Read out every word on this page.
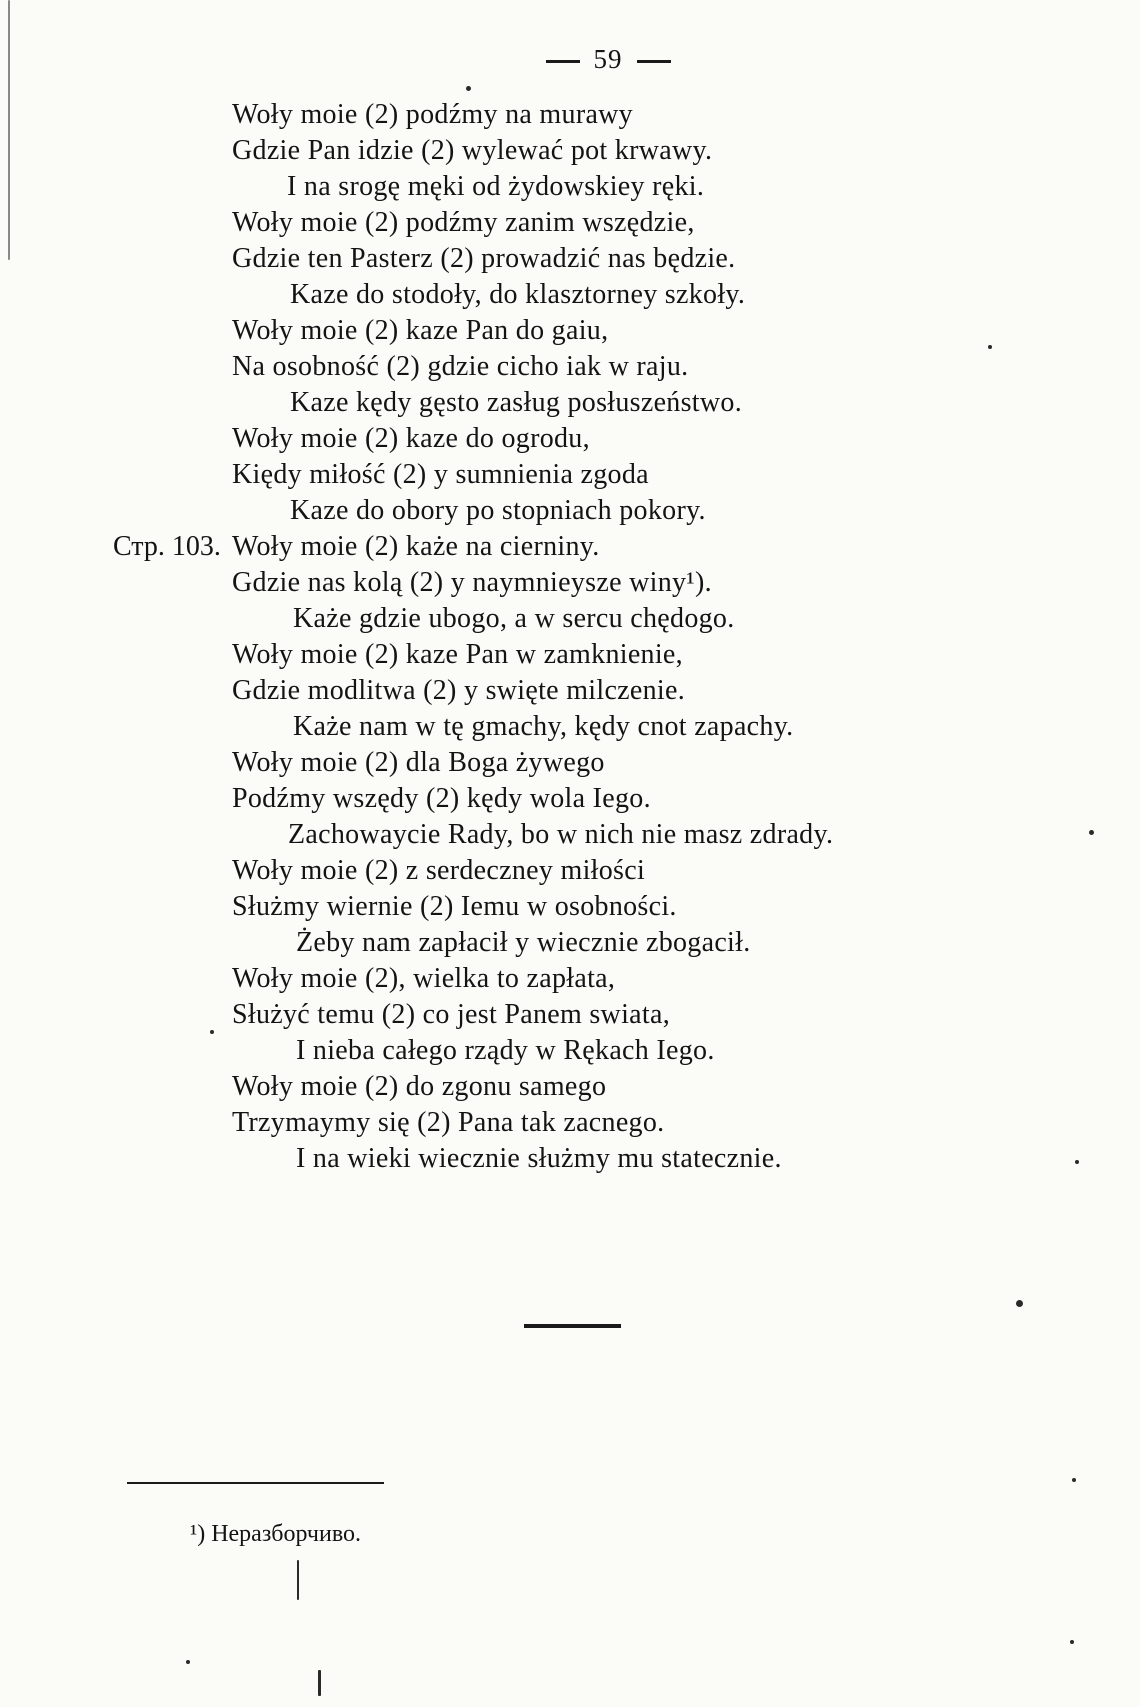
59
Woły moie (2) podźmy na murawy
Gdzie Pan idzie (2) wylewać pot krwawy.
I na srogę męki od żydowskiey ręki.
Woły moie (2) podźmy zanim wszędzie,
Gdzie ten Pasterz (2) prowadzić nas będzie.
Kaze do stodoły, do klasztorney szkoły.
Woły moie (2) kaze Pan do gaiu,
Na osobność (2) gdzie cicho iak w raju.
Kaze kędy gęsto zasług posłuszeństwo.
Woły moie (2) kaze do ogrodu,
Kiędy miłość (2) y sumnienia zgoda
Kaze do obory po stopniach pokory.
Woły moie (2) każe na cierniny.
Gdzie nas kolą (2) y naymnieysze winy¹).
Każe gdzie ubogo, a w sercu chędogo.
Woły moie (2) kaze Pan w zamknienie,
Gdzie modlitwa (2) y swięte milczenie.
Każe nam w tę gmachy, kędy cnot zapachy.
Woły moie (2) dla Boga żywego
Podźmy wszędy (2) kędy wola Iego.
Zachowaycie Rady, bo w nich nie masz zdrady.
Woły moie (2) z serdeczney miłości
Służmy wiernie (2) Iemu w osobności.
Żeby nam zapłacił y wiecznie zbogacił.
Woły moie (2), wielka to zapłata,
Służyć temu (2) co jest Panem swiata,
I nieba całego rządy w Rękach Iego.
Woły moie (2) do zgonu samego
Trzymaymy się (2) Pana tak zacnego.
I na wieki wiecznie służmy mu statecznie.
Стр. 103.
¹) Неразборчиво.
